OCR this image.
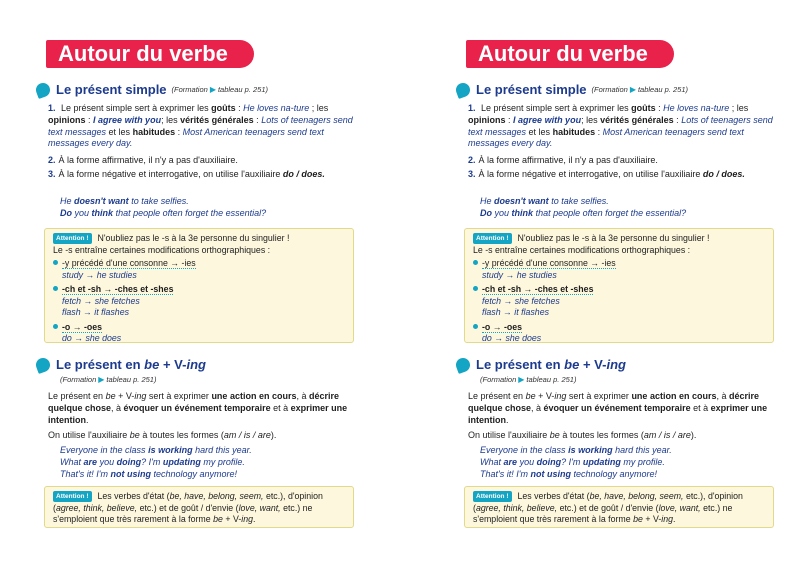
Autour du verbe
Le présent simple (Formation ▶ tableau p. 251)
1. Le présent simple sert à exprimer les goûts : He loves na-ture ; les opinions : I agree with you; les vérités générales : Lots of teenagers send text messages et les habitudes : Most American teenagers send text messages every day.
2. À la forme affirmative, il n'y a pas d'auxiliaire.
3. À la forme négative et interrogative, on utilise l'auxiliaire do / does.
He doesn't want to take selfies.
Do you think that people often forget the essential?
Attention ! N'oubliez pas le -s à la 3e personne du singulier !
Le -s entraîne certaines modifications orthographiques :
-y précédé d'une consonne → -ies
study → he studies
-ch et -sh → -ches et -shes
fetch → she fetches
flash → it flashes
-o → -oes
do → she does
Le présent en be + V-ing
(Formation ▶ tableau p. 251)
Le présent en be + V-ing sert à exprimer une action en cours, à décrire quelque chose, à évoquer un événement temporaire et à exprimer une intention.
On utilise l'auxiliaire be à toutes les formes (am / is / are).
Everyone in the class is working hard this year.
What are you doing? I'm updating my profile.
That's it! I'm not using technology anymore!
Attention ! Les verbes d'état (be, have, belong, seem, etc.), d'opinion (agree, think, believe, etc.) et de goût / d'envie (love, want, etc.) ne s'emploient que très rarement à la forme be + V-ing.
Autour du verbe
Le présent simple (Formation ▶ tableau p. 251)
1. Le présent simple sert à exprimer les goûts : He loves na-ture ; les opinions : I agree with you; les vérités générales : Lots of teenagers send text messages et les habitudes : Most American teenagers send text messages every day.
2. À la forme affirmative, il n'y a pas d'auxiliaire.
3. À la forme négative et interrogative, on utilise l'auxiliaire do / does.
He doesn't want to take selfies.
Do you think that people often forget the essential?
Attention ! N'oubliez pas le -s à la 3e personne du singulier !
Le -s entraîne certaines modifications orthographiques :
-y précédé d'une consonne → -ies
study → he studies
-ch et -sh → -ches et -shes
fetch → she fetches
flash → it flashes
-o → -oes
do → she does
Le présent en be + V-ing
(Formation ▶ tableau p. 251)
Le présent en be + V-ing sert à exprimer une action en cours, à décrire quelque chose, à évoquer un événement temporaire et à exprimer une intention.
On utilise l'auxiliaire be à toutes les formes (am / is / are).
Everyone in the class is working hard this year.
What are you doing? I'm updating my profile.
That's it! I'm not using technology anymore!
Attention ! Les verbes d'état (be, have, belong, seem, etc.), d'opinion (agree, think, believe, etc.) et de goût / d'envie (love, want, etc.) ne s'emploient que très rarement à la forme be + V-ing.
